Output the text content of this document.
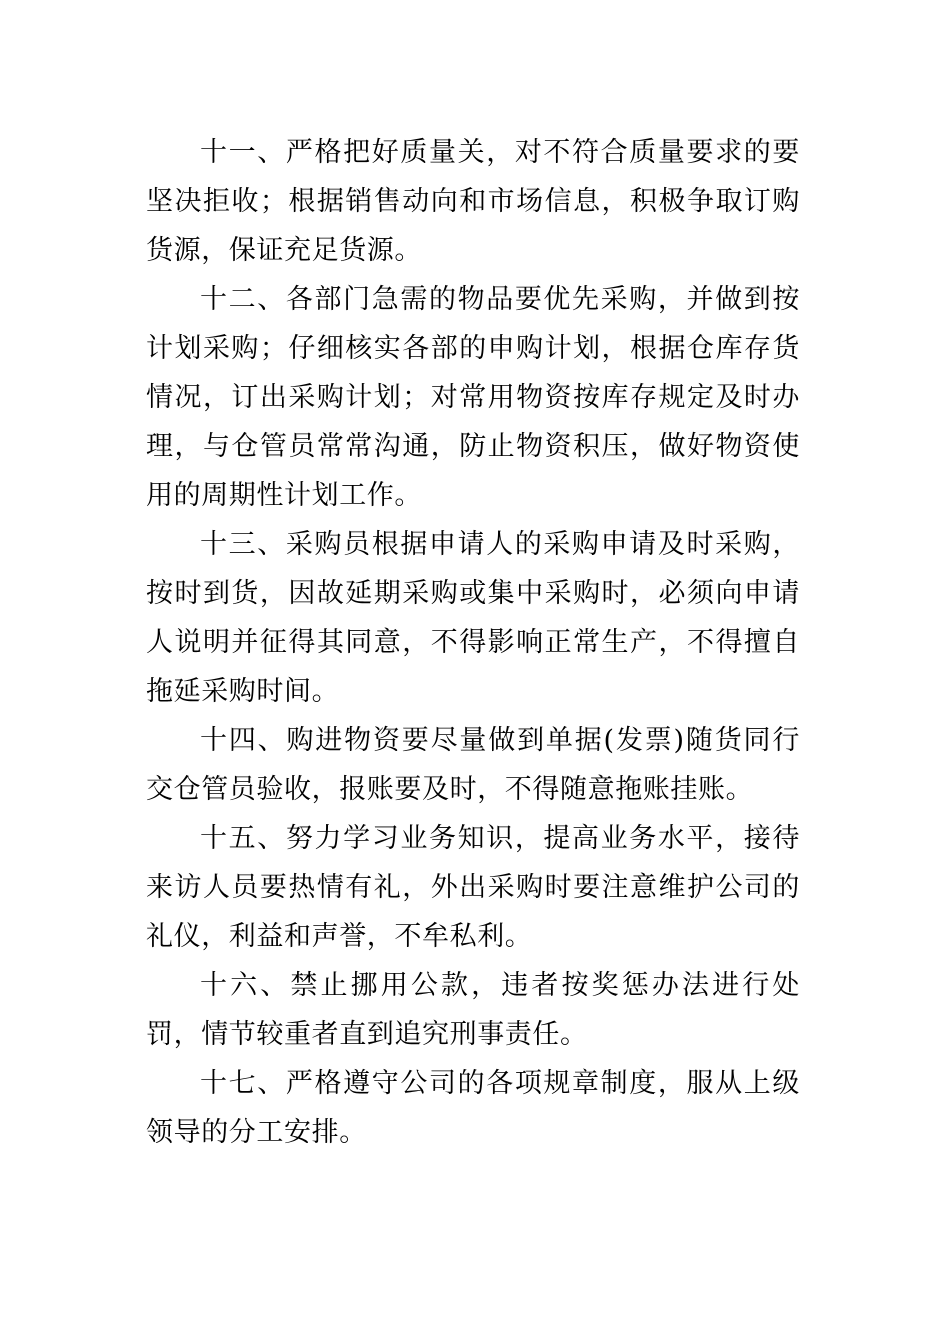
十一、严格把好质量关，对不符合质量要求的要坚决拒收；根据销售动向和市场信息，积极争取订购货源，保证充足货源。

十二、各部门急需的物品要优先采购，并做到按计划采购；仔细核实各部的申购计划，根据仓库存货情况，订出采购计划；对常用物资按库存规定及时办理，与仓管员常常沟通，防止物资积压，做好物资使用的周期性计划工作。

十三、采购员根据申请人的采购申请及时采购，按时到货，因故延期采购或集中采购时，必须向申请人说明并征得其同意，不得影响正常生产，不得擅自拖延采购时间。

十四、购进物资要尽量做到单据(发票)随货同行交仓管员验收，报账要及时，不得随意拖账挂账。

十五、努力学习业务知识，提高业务水平，接待来访人员要热情有礼，外出采购时要注意维护公司的礼仪，利益和声誉，不牟私利。

十六、禁止挪用公款，违者按奖惩办法进行处罚，情节较重者直到追究刑事责任。

十七、严格遵守公司的各项规章制度，服从上级领导的分工安排。
